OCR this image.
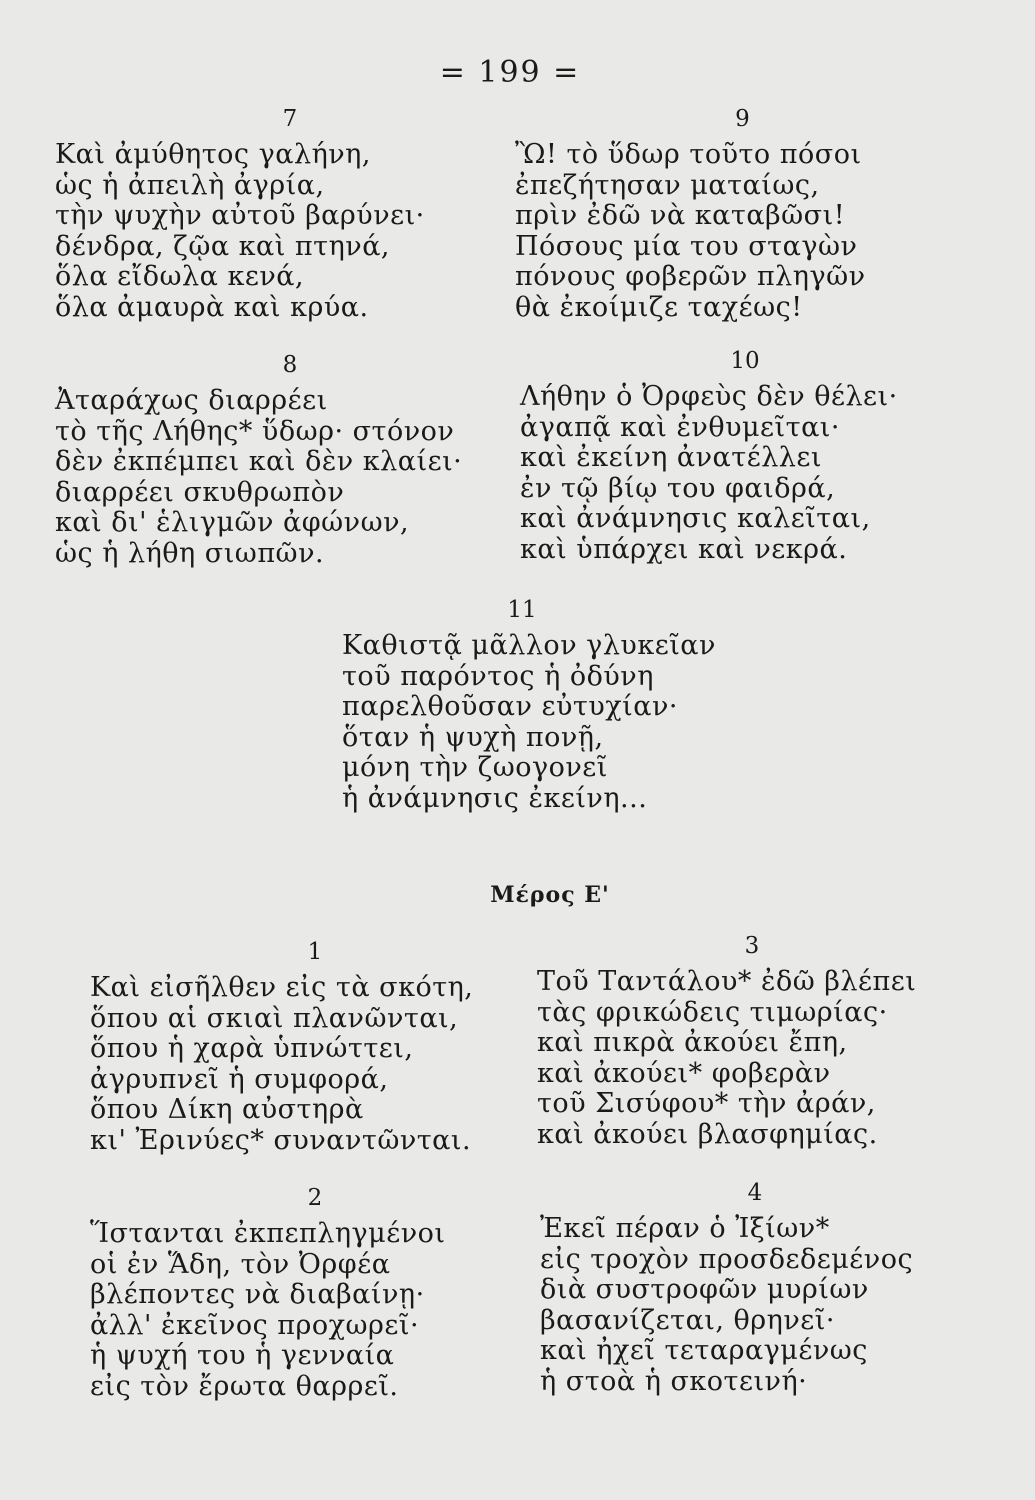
= 199 =
7
Καὶ ἀμύθητος γαλήνη,
ὡς ἡ ἀπειλὴ ἀγρία,
τὴν ψυχὴν αὐτοῦ βαρύνει·
δένδρα, ζῷα καὶ πτηνά,
ὅλα εἴδωλα κενά,
ὅλα ἀμαυρὰ καὶ κρύα.
8
Ἀταράχως διαρρέει
τὸ τῆς Λήθης* ὕδωρ· στόνον
δὲν ἐκπέμπει καὶ δὲν κλαίει·
διαρρέει σκυθρωπὸν
καὶ δι' ἑλιγμῶν ἀφώνων,
ὡς ἡ λήθη σιωπῶν.
9
Ὢ! τὸ ὕδωρ τοῦτο πόσοι
ἐπεζήτησαν ματαίως,
πρὶν ἐδῶ νὰ καταβῶσι!
Πόσους μία του σταγὼν
πόνους φοβερῶν πληγῶν
θὰ ἐκοίμιζε ταχέως!
10
Λήθην ὁ Ὀρφεὺς δὲν θέλει·
ἀγαπᾷ καὶ ἐνθυμεῖται·
καὶ ἐκείνη ἀνατέλλει
ἐν τῷ βίῳ του φαιδρά,
καὶ ἀνάμνησις καλεῖται,
καὶ ὑπάρχει καὶ νεκρά.
11
Καθιστᾷ μᾶλλον γλυκεῖαν
τοῦ παρόντος ἡ ὀδύνη
παρελθοῦσαν εὐτυχίαν·
ὅταν ἡ ψυχὴ πονῇ,
μόνη τὴν ζωογονεῖ
ἡ ἀνάμνησις ἐκείνη...
Μέρος Ε'
1
Καὶ εἰσῆλθεν εἰς τὰ σκότη,
ὅπου αἱ σκιαὶ πλανῶνται,
ὅπου ἡ χαρὰ ὑπνώττει,
ἀγρυπνεῖ ἡ συμφορά,
ὅπου Δίκη αὐστηρὰ
κι' Ἐρινύες* συναντῶνται.
2
Ἵστανται ἐκπεπληγμένοι
οἱ ἐν Ἅδη, τὸν Ὀρφέα
βλέποντες νὰ διαβαίνῃ·
ἀλλ' ἐκεῖνος προχωρεῖ·
ἡ ψυχή του ἡ γενναία
εἰς τὸν ἔρωτα θαρρεῖ.
3
Τοῦ Ταντάλου* ἐδῶ βλέπει
τὰς φρικώδεις τιμωρίας·
καὶ πικρὰ ἀκούει ἔπη,
καὶ ἀκούει* φοβερὰν
τοῦ Σισύφου* τὴν ἀράν,
καὶ ἀκούει βλασφημίας.
4
Ἐκεῖ πέραν ὁ Ἰξίων*
εἰς τροχὸν προσδεδεμένος
διὰ συστροφῶν μυρίων
βασανίζεται, θρηνεῖ·
καὶ ἠχεῖ τεταραγμένως
ἡ στοὰ ἡ σκοτεινή·
